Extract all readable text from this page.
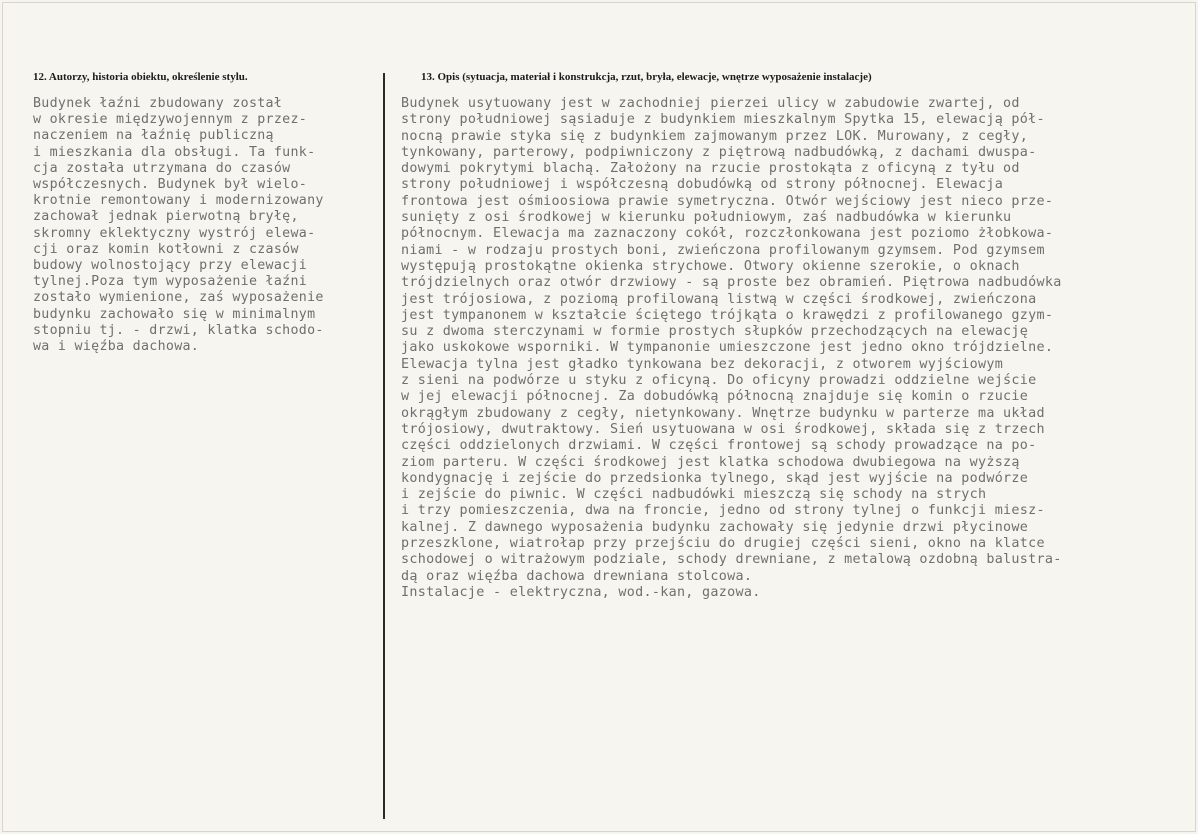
12. Autorzy, historia obiektu, określenie stylu.	13. Opis (sytuacja, materiał i konstrukcja, rzut, bryła, elewacje, wnętrze wyposażenie instalacje)
Budynek łaźni zbudowany został
w okresie międzywojennym z przez-
naczeniem na łaźnię publiczną
i mieszkania dla obsługi. Ta funk-
cja została utrzymana do czasów
współczesnych. Budynek był wielo-
krotnie remontowany i modernizowany
zachował jednak pierwotną bryłę,
skromny eklektyczny wystrój elewa-
cji oraz komin kotłowni z czasów
budowy wolnostojący przy elewacji
tylnej.Poza tym wyposażenie łaźni
zostało wymienione, zaś wyposażenie
budynku zachowało się w minimalnym
stopniu tj. - drzwi, klatka schodo-
wa i więźba dachowa.
Budynek usytuowany jest w zachodniej pierzei ulicy w zabudowie zwartej, od
strony południowej sąsiaduje z budynkiem mieszkalnym Spytka 15, elewacją pół-
nocną prawie styka się z budynkiem zajmowanym przez LOK. Murowany, z cegły,
tynkowany, parterowy, podpiwniczony z piętrową nadbudówką, z dachami dwuspa-
dowymi pokrytymi blachą. Założony na rzucie prostokąta z oficyną z tyłu od
strony południowej i współczesną dobudówką od strony północnej. Elewacja
frontowa jest ośmioosiowa prawie symetryczna. Otwór wejściowy jest nieco prze-
sunięty z osi środkowej w kierunku południowym, zaś nadbudówka w kierunku
północnym. Elewacja ma zaznaczony cokół, rozczłonkowana jest poziomo żłobkowa-
niami - w rodzaju prostych boni, zwieńczona profilowanym gzymsem. Pod gzymsem
występują prostokątne okienka strychowe. Otwory okienne szerokie, o oknach
trójdzielnych oraz otwór drzwiowy - są proste bez obramień. Piętrowa nadbudówka
jest trójosiowa, z poziomą profilowaną listwą w części środkowej, zwieńczona
jest tympanonem w kształcie ściętego trójkąta o krawędzi z profilowanego gzym-
su z dwoma sterczynami w formie prostych słupków przechodzących na elewację
jako uskokowe wsporniki. W tympanonie umieszczone jest jedno okno trójdzielne.
Elewacja tylna jest gładko tynkowana bez dekoracji, z otworem wyjściowym
z sieni na podwórze u styku z oficyną. Do oficyny prowadzi oddzielne wejście
w jej elewacji północnej. Za dobudówką północną znajduje się komin o rzucie
okrągłym zbudowany z cegły, nietynkowany. Wnętrze budynku w parterze ma układ
trójosiowy, dwutraktowy. Sień usytuowana w osi środkowej, składa się z trzech
części oddzielonych drzwiami. W części frontowej są schody prowadzące na po-
ziom parteru. W części środkowej jest klatka schodowa dwubiegowa na wyższą
kondygnację i zejście do przedsionka tylnego, skąd jest wyjście na podwórze
i zejście do piwnic. W części nadbudówki mieszczą się schody na strych
i trzy pomieszczenia, dwa na froncie, jedno od strony tylnej o funkcji miesz-
kalnej. Z dawnego wyposażenia budynku zachowały się jedynie drzwi płycinowe
przeszklone, wiatrołap przy przejściu do drugiej części sieni, okno na klatce
schodowej o witrażowym podziale, schody drewniane, z metalową ozdobną balustra-
dą oraz więźba dachowa drewniana stolcowa.
Instalacje - elektryczna, wod.-kan, gazowa.
